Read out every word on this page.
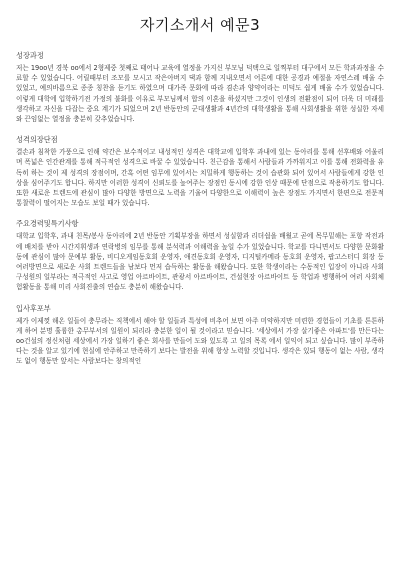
자기소개서 예문3
성장과정

저는 19oo년 경북 oo에서 2형제중 첫째로 태어나 교육에 열정을 가지신 부모님 덕택으로 일찍부터 대구에서 모든 학과과정을 수료할 수 있었습니다. 어릴때부터 조모를 모시고 작은아버지 댁과 함께 지내오면서 어른에 대한 공경과 예절을 자연스레 배울 수 있었고, 예의바름으로 종종 칭찬을 듣기도 하였으며 대가족 문화에 따라 겸손과 양약이라는 미덕도 쉽게 배울 수가 있었습니다. 이렇게 대학에 입학하기전 가정의 불화를 이유로 부모님께서 합의 이혼을 하셨지만 그것이 인생의 전환점이 되어 더욱 더 미래를 생각하고 자신을 다잡는 중요 계기가 되었으며 2년 반동안의 군대생활과 4년간의 대학생활을 통해 사회생활을 위한 성실한 자세와 끈임없는 열정을 충분히 갖추었습니다.

성격의장단점

결손과 침착한 가풍으로 인해 약간은 보수적이고 내성적인 성격은 대학교에 입학후 과내에 있는 동아리를 통해 선후배와 어울리며 폭넓은 인간관계를 통해 적극적인 성격으로 바꿀 수 있었습니다. 친근감을 통해서 사람들과 가까워지고 이를 통해 전화력을 유독히 하는 것이 제 성격의 장점이며, 간혹 어떤 임무에 있어서는 치밀하게 행동하는 것이 습관화 되어 있어서 사람들에게 강한 인상을 심어주기도 합니다. 하지만 이러한 성격이 신뢰도를 높여주는 장점인 동시에 강한 인상 때문에 단점으로 작용하기도 합니다. 또한 새로운 트렌드에 관심이 많아 다양한 방면으로 노력을 기울여 다양한으로 이해력이 높은 장점도 가지면서 한편으로 전문적 통찰력이 떨어지는 모습도 보일 때가 있습니다.

주요경력및특기사항

대학교 입학후, 과내 친목/봉사 동아리에 2년 반동안 기획부장을 하면서 성실함과 리더쉽을 배웠고 곧에 목무밑해는 포항 작전과에 배치를 받아 시간지휘생과 연락병의 임무를 통해 분석력과 이해력을 높일 수가 있었습니다. 학교를 다니면서도 다양한 문화활동에 관심이 많아 문예부 활동, 비디오게임동호회 운영자, 애견동호회 운영자, 디지털카메라 동호회 운영자, 팝고스터디 회장 등 여러방면으로 새로운 사회 트렌드들을 남보다 먼저 습득하는 활동을 해왔습니다. 또한 학생이라는 수동적인 입장이 아니라 사회구성원의 일부라는 적극적인 사고로 영업 아르바이트, 관광서 아르바이트, 건설현장 아르바이트 등 학업과 병행하여 여러 사회체험활동을 통해 미리 사회진출의 연습도 충분히 해왔습니다.

입사후포부

제가 이제껏 해온 일들이 충무라는 직책에서 해야 할 일들과 특성에 비추어 보면 아주 미약하지만 미련한 경험들이 기초를 튼튼하게 하여 분명 훌륭한 총무부서의 일원이 되리라 충분한 일이 될 것이라고 믿습니다. '세상에서 가장 살기좋은 아파트'를 만든다는 oo건설의 정신처럼 세상에서 가장 일하기 좋은 회사를 만들어 도와 있도록 고 일의 목록 에서 일익이 되고 싶습니다. 많이 부족하다는 것을 알고 있기에 현실에 안주하고 만족하기 보다는 발전을 위해 항상 노력할 것입니다. 생각은 있되 행동이 없는 사람, 생각도 없이 행동만 앞서는 사람보다는 창의적인
